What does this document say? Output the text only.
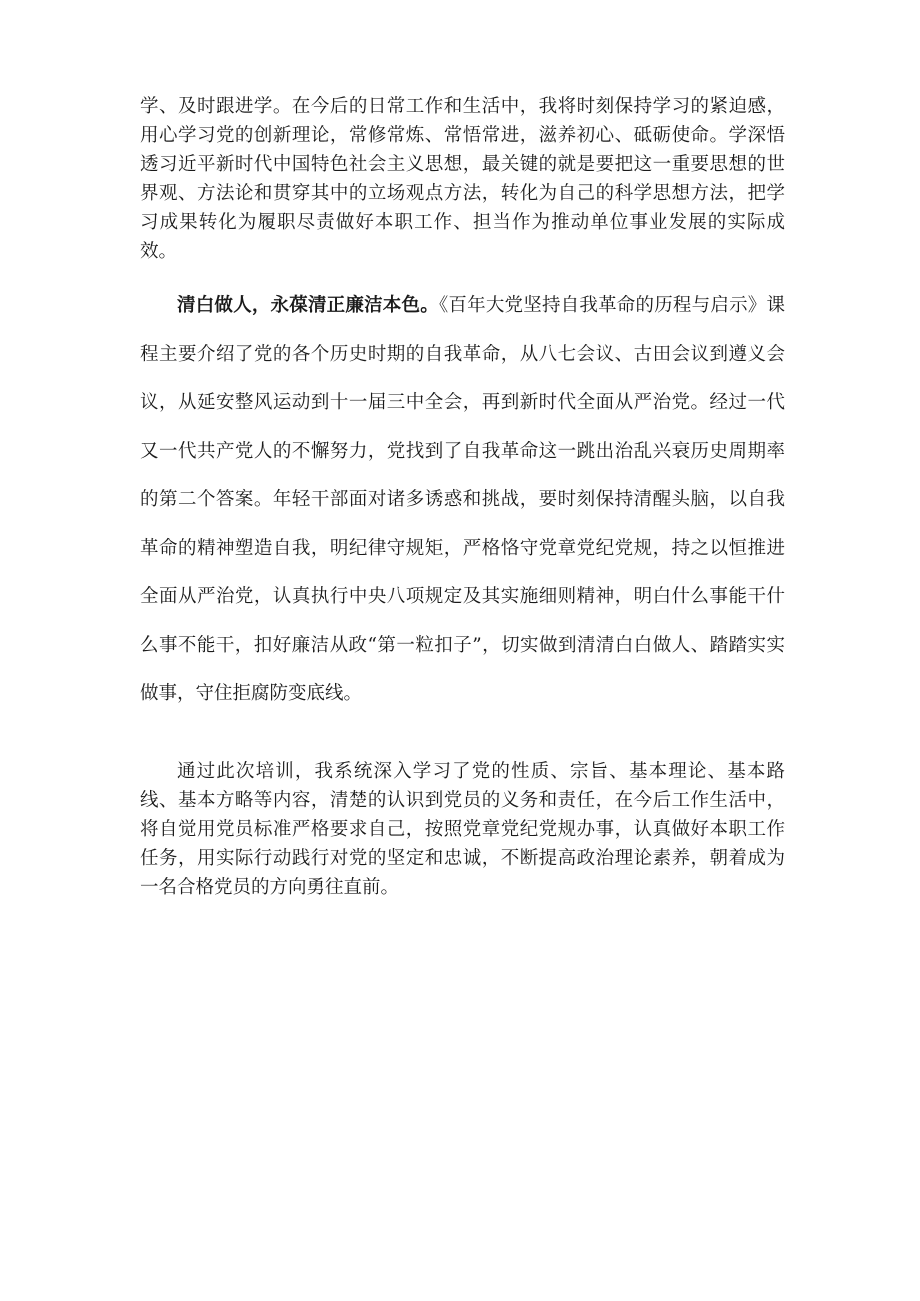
学、及时跟进学。在今后的日常工作和生活中，我将时刻保持学习的紧迫感，用心学习党的创新理论，常修常炼、常悟常进，滋养初心、砥砺使命。学深悟透习近平新时代中国特色社会主义思想，最关键的就是要把这一重要思想的世界观、方法论和贯穿其中的立场观点方法，转化为自己的科学思想方法，把学习成果转化为履职尽责做好本职工作、担当作为推动单位事业发展的实际成效。

清白做人，永葆清正廉洁本色。《百年大党坚持自我革命的历程与启示》课程主要介绍了党的各个历史时期的自我革命，从八七会议、古田会议到遵义会议，从延安整风运动到十一届三中全会，再到新时代全面从严治党。经过一代又一代共产党人的不懈努力，党找到了自我革命这一跳出治乱兴衰历史周期率的第二个答案。年轻干部面对诸多诱惑和挑战，要时刻保持清醒头脑，以自我革命的精神塑造自我，明纪律守规矩，严格恪守党章党纪党规，持之以恒推进全面从严治党，认真执行中央八项规定及其实施细则精神，明白什么事能干什么事不能干，扣好廉洁从政“第一粒扣子”，切实做到清清白白做人、踏踏实实做事，守住拒腐防变底线。

通过此次培训，我系统深入学习了党的性质、宗旨、基本理论、基本路线、基本方略等内容，清楚的认识到党员的义务和责任，在今后工作生活中，将自觉用党员标准严格要求自己，按照党章党纪党规办事，认真做好本职工作任务，用实际行动践行对党的坚定和忠诚，不断提高政治理论素养，朝着成为一名合格党员的方向勇往直前。
